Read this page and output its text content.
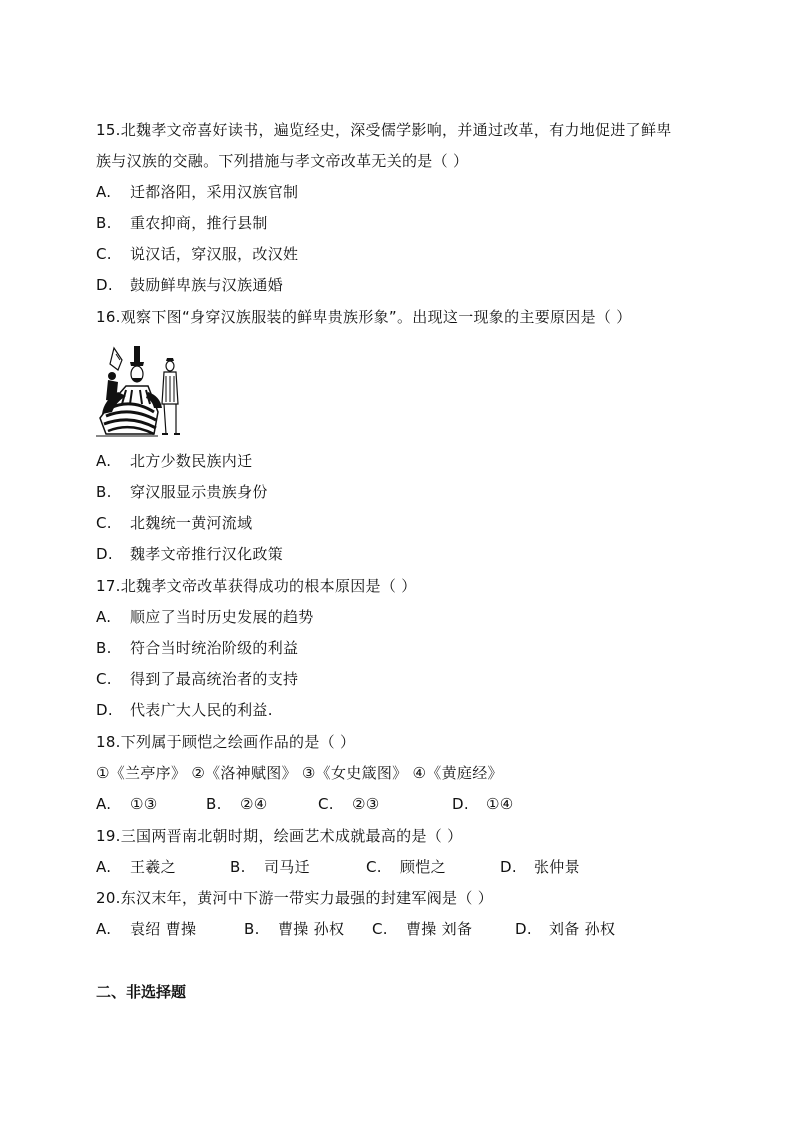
15.北魏孝文帝喜好读书，遍览经史，深受儒学影响，并通过改革，有力地促进了鲜卑
族与汉族的交融。下列措施与孝文帝改革无关的是（ ）
A. 迁都洛阳，采用汉族官制
B. 重农抑商，推行县制
C. 说汉话，穿汉服，改汉姓
D. 鼓励鲜卑族与汉族通婚
16.观察下图“身穿汉族服装的鲜卑贵族形象”。出现这一现象的主要原因是（ ）
A. 北方少数民族内迁
B. 穿汉服显示贵族身份
C. 北魏统一黄河流域
D. 魏孝文帝推行汉化政策
17.北魏孝文帝改革获得成功的根本原因是（ ）
A. 顺应了当时历史发展的趋势
B. 符合当时统治阶级的利益
C. 得到了最高统治者的支持
D. 代表广大人民的利益.
18.下列属于顾恺之绘画作品的是（ ）
①《兰亭序》 ②《洛神赋图》 ③《女史箴图》 ④《黄庭经》
A. ①③	B. ②④	C. ②③	D. ①④
19.三国两晋南北朝时期，绘画艺术成就最高的是（ ）
A. 王羲之	B. 司马迁	C. 顾恺之	D. 张仲景
20.东汉末年，黄河中下游一带实力最强的封建军阀是（ ）
A. 袁绍 曹操	B. 曹操 孙权 C. 曹操 刘备	D. 刘备 孙权
二、非选择题
